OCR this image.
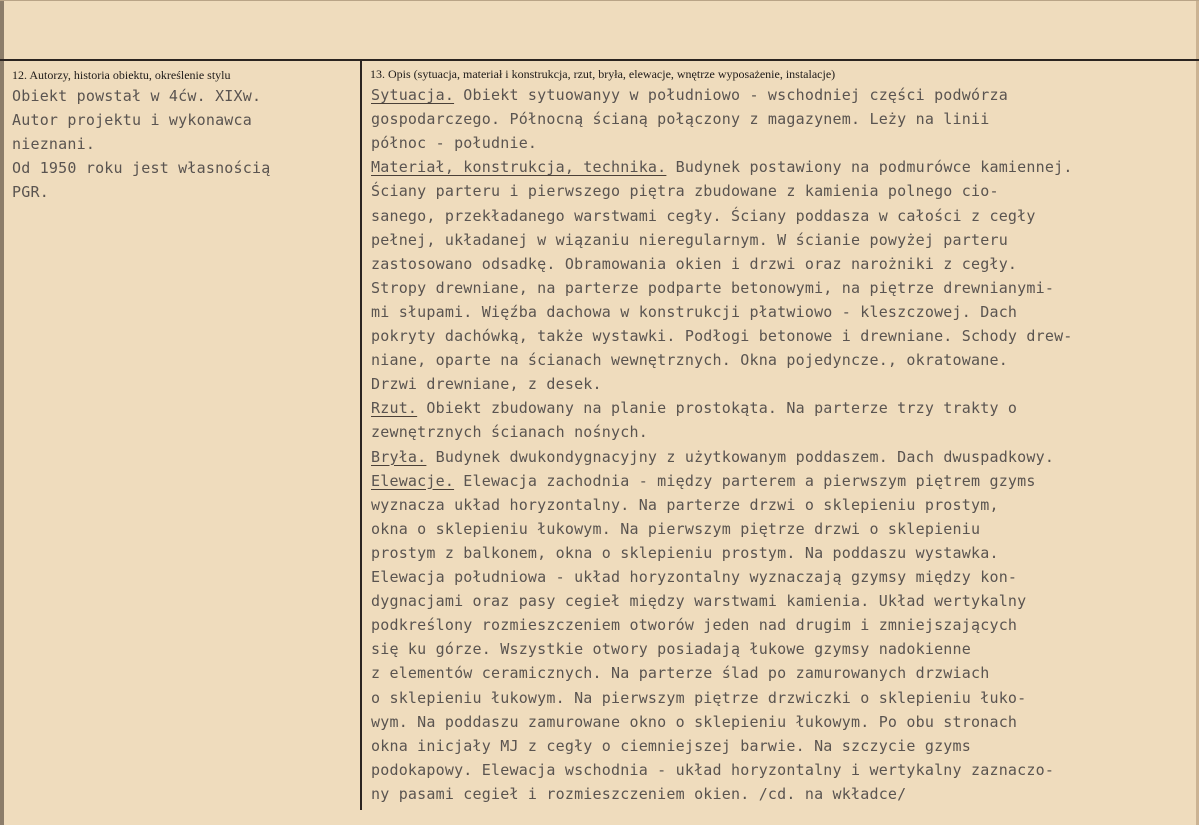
12. Autorzy, historia obiektu, określenie stylu	13. Opis (sytuacja, materiał i konstrukcja, rzut, bryła, elewacje, wnętrze wyposażenie, instalacje)
Obiekt powstał w 4ćw. XIXw.
Autor projektu i wykonawca
nieznani.
Od 1950 roku jest własnością
PGR.
Sytuacja. Obiekt sytuowanyy w południowo - wschodniej części podwórza
gospodarczego. Północną ścianą połączony z magazynem. Leży na linii
północ - południe.
Materiał, konstrukcja, technika. Budynek postawiony na podmurówce kamiennej.
Ściany parteru i pierwszego piętra zbudowane z kamienia polnego cio-
sanego, przekładanego warstwami cegły. Ściany poddasza w całości z cegły
pełnej, układanej w wiązaniu nieregularnym. W ścianie powyżej parteru
zastosowano odsadkę. Obramowania okien i drzwi oraz narożniki z cegły.
Stropy drewniane, na parterze podparte betonowymi, na piętrze drewnianymi-
mi słupami. Więźba dachowa w konstrukcji płatwiowo - kleszczowej. Dach
pokryty dachówką, także wystawki. Podłogi betonowe i drewniane. Schody drew-
niane, oparte na ścianach wewnętrznych. Okna pojedyncze., okratowane.
Drzwi drewniane, z desek.
Rzut. Obiekt zbudowany na planie prostokąta. Na parterze trzy trakty o
zewnętrznych ścianach nośnych.
Bryła. Budynek dwukondygnacyjny z użytkowanym poddaszem. Dach dwuspadkowy.
Elewacje. Elewacja zachodnia - między parterem a pierwszym piętrem gzyms
wyznacza układ horyzontalny. Na parterze drzwi o sklepieniu prostym,
okna o sklepieniu łukowym. Na pierwszym piętrze drzwi o sklepieniu
prostym z balkonem, okna o sklepieniu prostym. Na poddaszu wystawka.
Elewacja południowa - układ horyzontalny wyznaczają gzymsy między kon-
dygnacjami oraz pasy cegieł między warstwami kamienia. Układ wertykalny
podkreślony rozmieszczeniem otworów jeden nad drugim i zmniejszających
się ku górze. Wszystkie otwory posiadają łukowe gzymsy nadokienne
z elementów ceramicznych. Na parterze ślad po zamurowanych drzwiach
o sklepieniu łukowym. Na pierwszym piętrze drzwiczki o sklepieniu łuko-
wym. Na poddaszu zamurowane okno o sklepieniu łukowym. Po obu stronach
okna inicjały MJ z cegły o ciemniejszej barwie. Na szczycie gzyms
podokapowy. Elewacja wschodnia - układ horyzontalny i wertykalny zaznaczo-
ny pasami cegieł i rozmieszczeniem okien. /cd. na wkładce/
